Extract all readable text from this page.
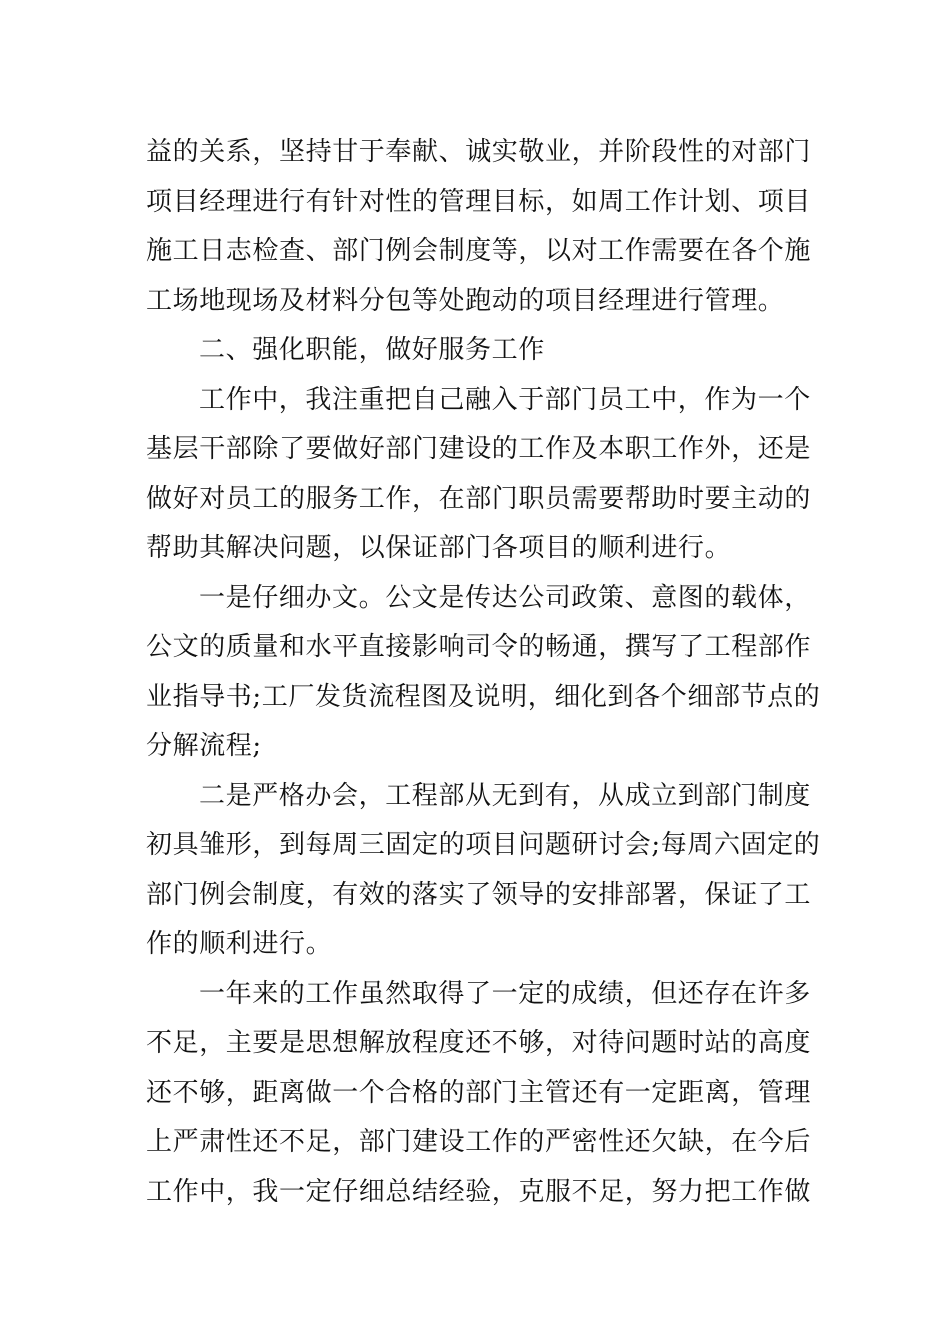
益的关系，坚持甘于奉献、诚实敬业，并阶段性的对部门
项目经理进行有针对性的管理目标，如周工作计划、项目
施工日志检查、部门例会制度等，以对工作需要在各个施
工场地现场及材料分包等处跑动的项目经理进行管理。
二、强化职能，做好服务工作
工作中，我注重把自己融入于部门员工中，作为一个
基层干部除了要做好部门建设的工作及本职工作外，还是
做好对员工的服务工作，在部门职员需要帮助时要主动的
帮助其解决问题，以保证部门各项目的顺利进行。
一是仔细办文。公文是传达公司政策、意图的载体，
公文的质量和水平直接影响司令的畅通，撰写了工程部作
业指导书;工厂发货流程图及说明，细化到各个细部节点的
分解流程;
二是严格办会，工程部从无到有，从成立到部门制度
初具雏形，到每周三固定的项目问题研讨会;每周六固定的
部门例会制度，有效的落实了领导的安排部署，保证了工
作的顺利进行。
一年来的工作虽然取得了一定的成绩，但还存在许多
不足，主要是思想解放程度还不够，对待问题时站的高度
还不够，距离做一个合格的部门主管还有一定距离，管理
上严肃性还不足，部门建设工作的严密性还欠缺，在今后
工作中，我一定仔细总结经验，克服不足，努力把工作做
